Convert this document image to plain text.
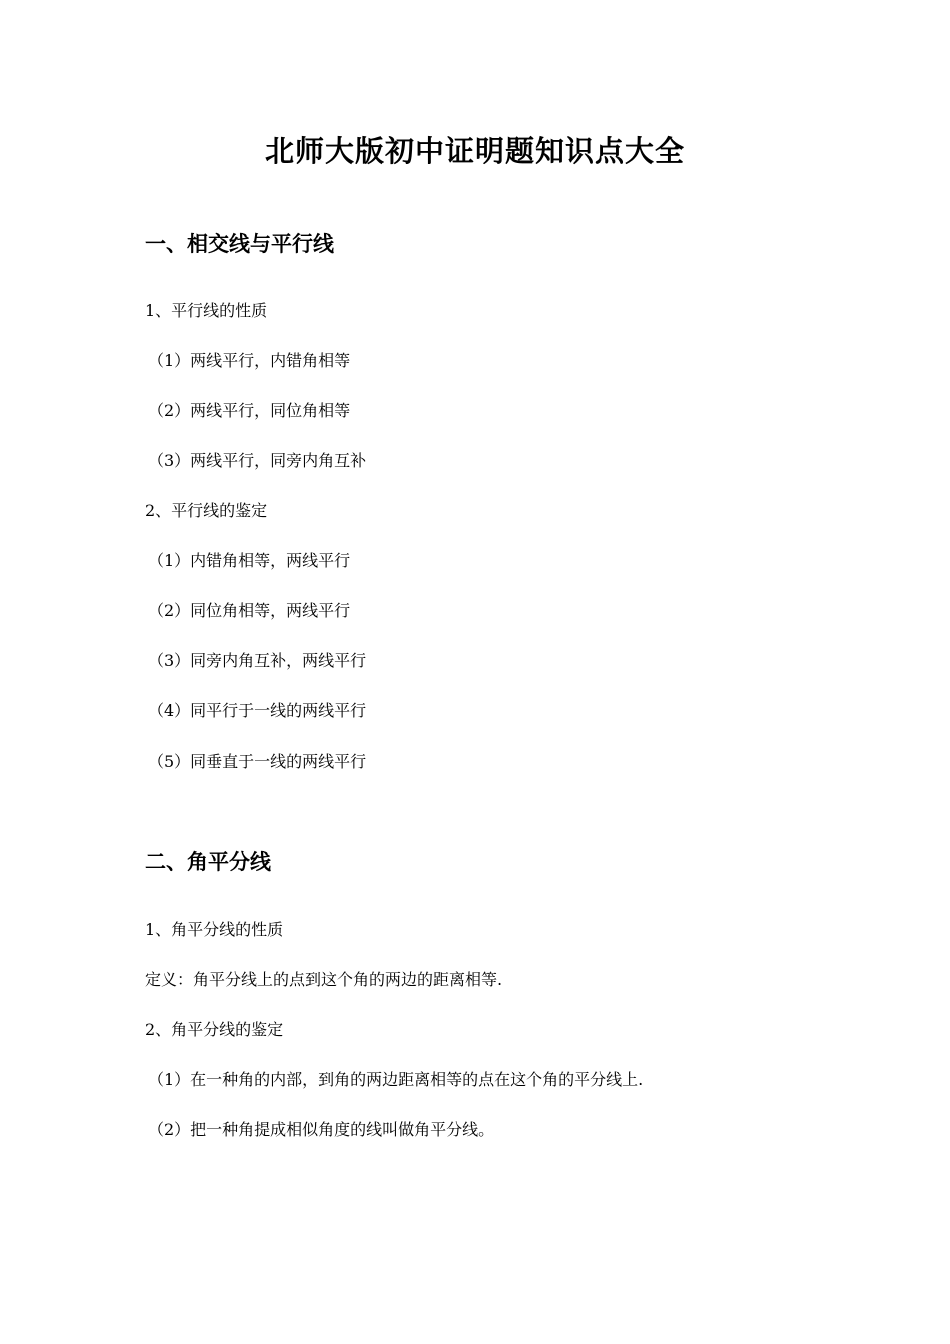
北师大版初中证明题知识点大全
一、相交线与平行线
1、平行线的性质
（1）两线平行，内错角相等
（2）两线平行，同位角相等
（3）两线平行，同旁内角互补
2、平行线的鉴定
（1）内错角相等，两线平行
（2）同位角相等，两线平行
（3）同旁内角互补，两线平行
（4）同平行于一线的两线平行
（5）同垂直于一线的两线平行
二、角平分线
1、角平分线的性质
定义：角平分线上的点到这个角的两边的距离相等.
2、角平分线的鉴定
（1）在一种角的内部，到角的两边距离相等的点在这个角的平分线上.
（2）把一种角提成相似角度的线叫做角平分线。
